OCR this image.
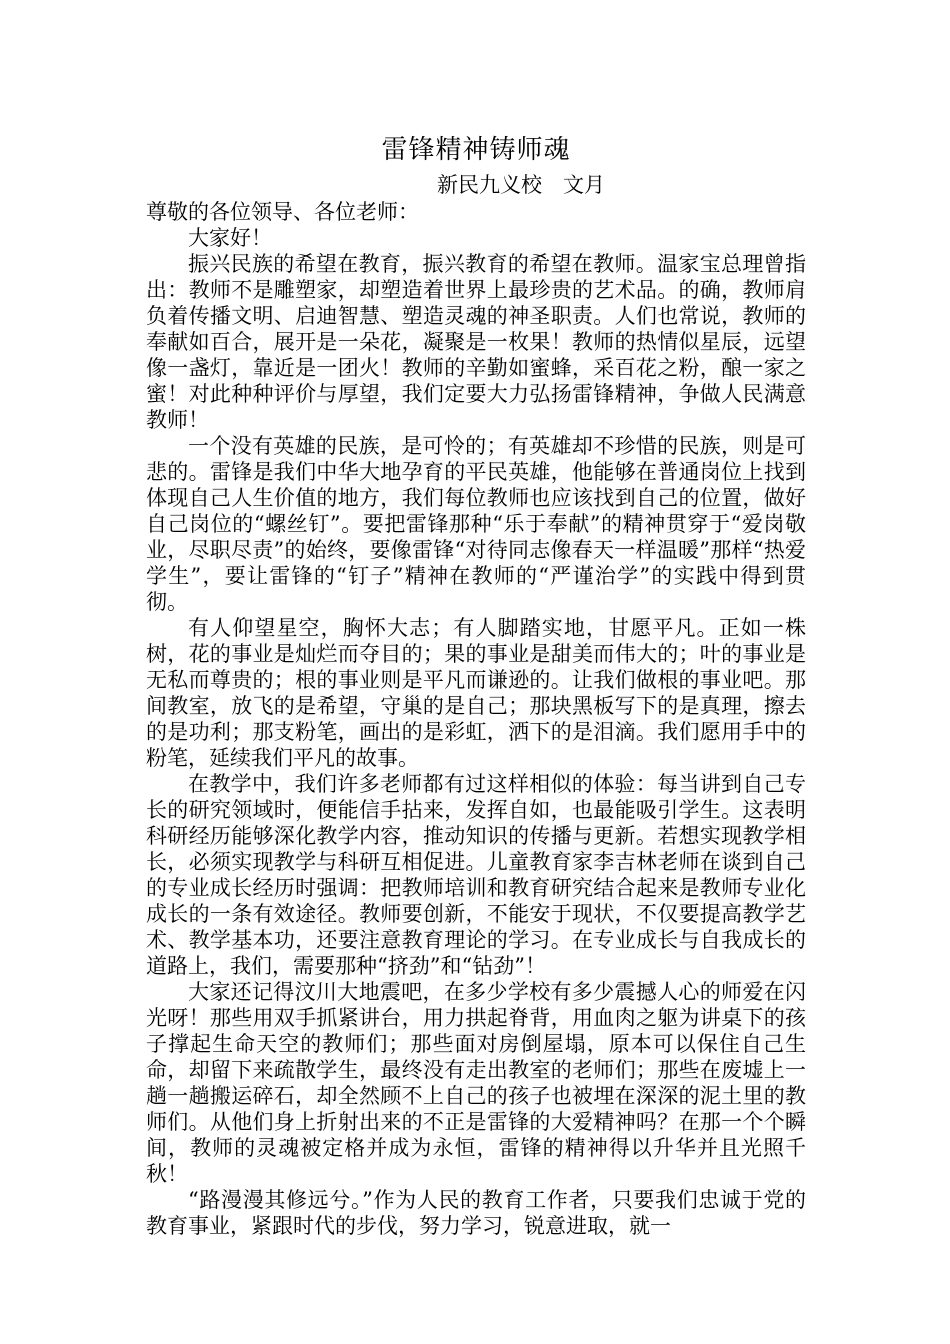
雷锋精神铸师魂
新民九义校　文月

尊敬的各位领导、各位老师：

大家好！

振兴民族的希望在教育，振兴教育的希望在教师。温家宝总理曾指出：教师不是雕塑家，却塑造着世界上最珍贵的艺术品。的确，教师肩负着传播文明、启迪智慧、塑造灵魂的神圣职责。人们也常说，教师的奉献如百合，展开是一朵花，凝聚是一枚果！教师的热情似星辰，远望像一盏灯，靠近是一团火！教师的辛勤如蜜蜂，采百花之粉，酿一家之蜜！对此种种评价与厚望，我们定要大力弘扬雷锋精神，争做人民满意教师！

一个没有英雄的民族，是可怜的；有英雄却不珍惜的民族，则是可悲的。雷锋是我们中华大地孕育的平民英雄，他能够在普通岗位上找到体现自己人生价值的地方，我们每位教师也应该找到自己的位置，做好自己岗位的“螺丝钉”。要把雷锋那种“乐于奉献”的精神贯穿于“爱岗敬业，尽职尽责”的始终，要像雷锋“对待同志像春天一样温暖”那样“热爱学生”，要让雷锋的“钉子”精神在教师的“严谨治学”的实践中得到贯彻。

有人仰望星空，胸怀大志；有人脚踏实地，甘愿平凡。正如一株树，花的事业是灿烂而夺目的；果的事业是甜美而伟大的；叶的事业是无私而尊贵的；根的事业则是平凡而谦逊的。让我们做根的事业吧。那间教室，放飞的是希望，守巢的是自己；那块黑板写下的是真理，擦去的是功利；那支粉笔，画出的是彩虹，洒下的是泪滴。我们愿用手中的粉笔，延续我们平凡的故事。

在教学中，我们许多老师都有过这样相似的体验：每当讲到自己专长的研究领域时，便能信手拈来，发挥自如，也最能吸引学生。这表明科研经历能够深化教学内容，推动知识的传播与更新。若想实现教学相长，必须实现教学与科研互相促进。儿童教育家李吉林老师在谈到自己的专业成长经历时强调：把教师培训和教育研究结合起来是教师专业化成长的一条有效途径。教师要创新，不能安于现状，不仅要提高教学艺术、教学基本功，还要注意教育理论的学习。在专业成长与自我成长的道路上，我们，需要那种“挤劲”和“钻劲”！

大家还记得汶川大地震吧，在多少学校有多少震撼人心的师爱在闪光呀！那些用双手抓紧讲台，用力拱起脊背，用血肉之躯为讲桌下的孩子撑起生命天空的教师们；那些面对房倒屋塌，原本可以保住自己生命，却留下来疏散学生，最终没有走出教室的老师们；那些在废墟上一趟一趟搬运碎石，却全然顾不上自己的孩子也被埋在深深的泥土里的教师们。从他们身上折射出来的不正是雷锋的大爱精神吗？在那一个个瞬间，教师的灵魂被定格并成为永恒，雷锋的精神得以升华并且光照千秋！

“路漫漫其修远兮。”作为人民的教育工作者，只要我们忠诚于党的教育事业，紧跟时代的步伐，努力学习，锐意进取，就一
